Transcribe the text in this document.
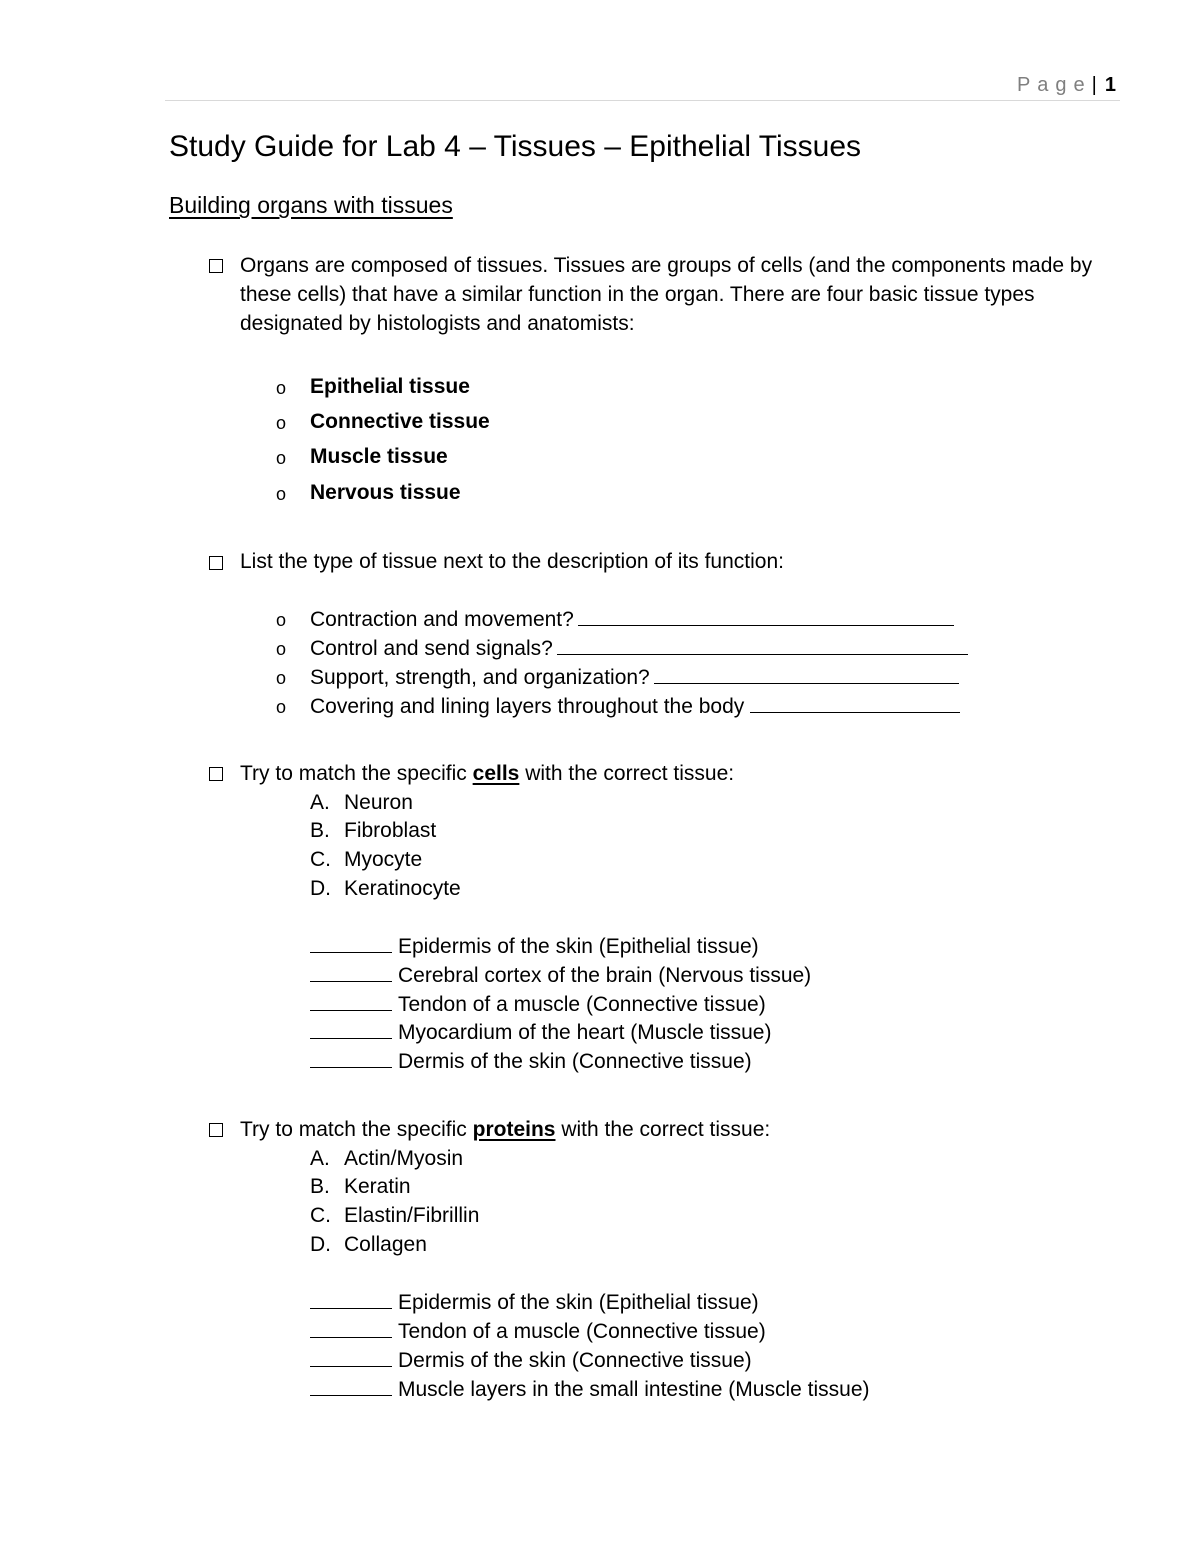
Page| 1
Study Guide for Lab 4 – Tissues – Epithelial Tissues
Building organs with tissues
Organs are composed of tissues. Tissues are groups of cells (and the components made by
these cells) that have a similar function in the organ. There are four basic tissue types
designated by histologists and anatomists:
o Epithelial tissue
o Connective tissue
o Muscle tissue
o Nervous tissue
List the type of tissue next to the description of its function:
o Contraction and movement?
o Control and send signals?
o Support, strength, and organization?
o Covering and lining layers throughout the body
Try to match the specific cells with the correct tissue:
A. Neuron
B. Fibroblast
C. Myocyte
D. Keratinocyte
Epidermis of the skin (Epithelial tissue)
Cerebral cortex of the brain (Nervous tissue)
Tendon of a muscle (Connective tissue)
Myocardium of the heart (Muscle tissue)
Dermis of the skin (Connective tissue)
Try to match the specific proteins with the correct tissue:
A. Actin/Myosin
B. Keratin
C. Elastin/Fibrillin
D. Collagen
Epidermis of the skin (Epithelial tissue)
Tendon of a muscle (Connective tissue)
Dermis of the skin (Connective tissue)
Muscle layers in the small intestine (Muscle tissue)
